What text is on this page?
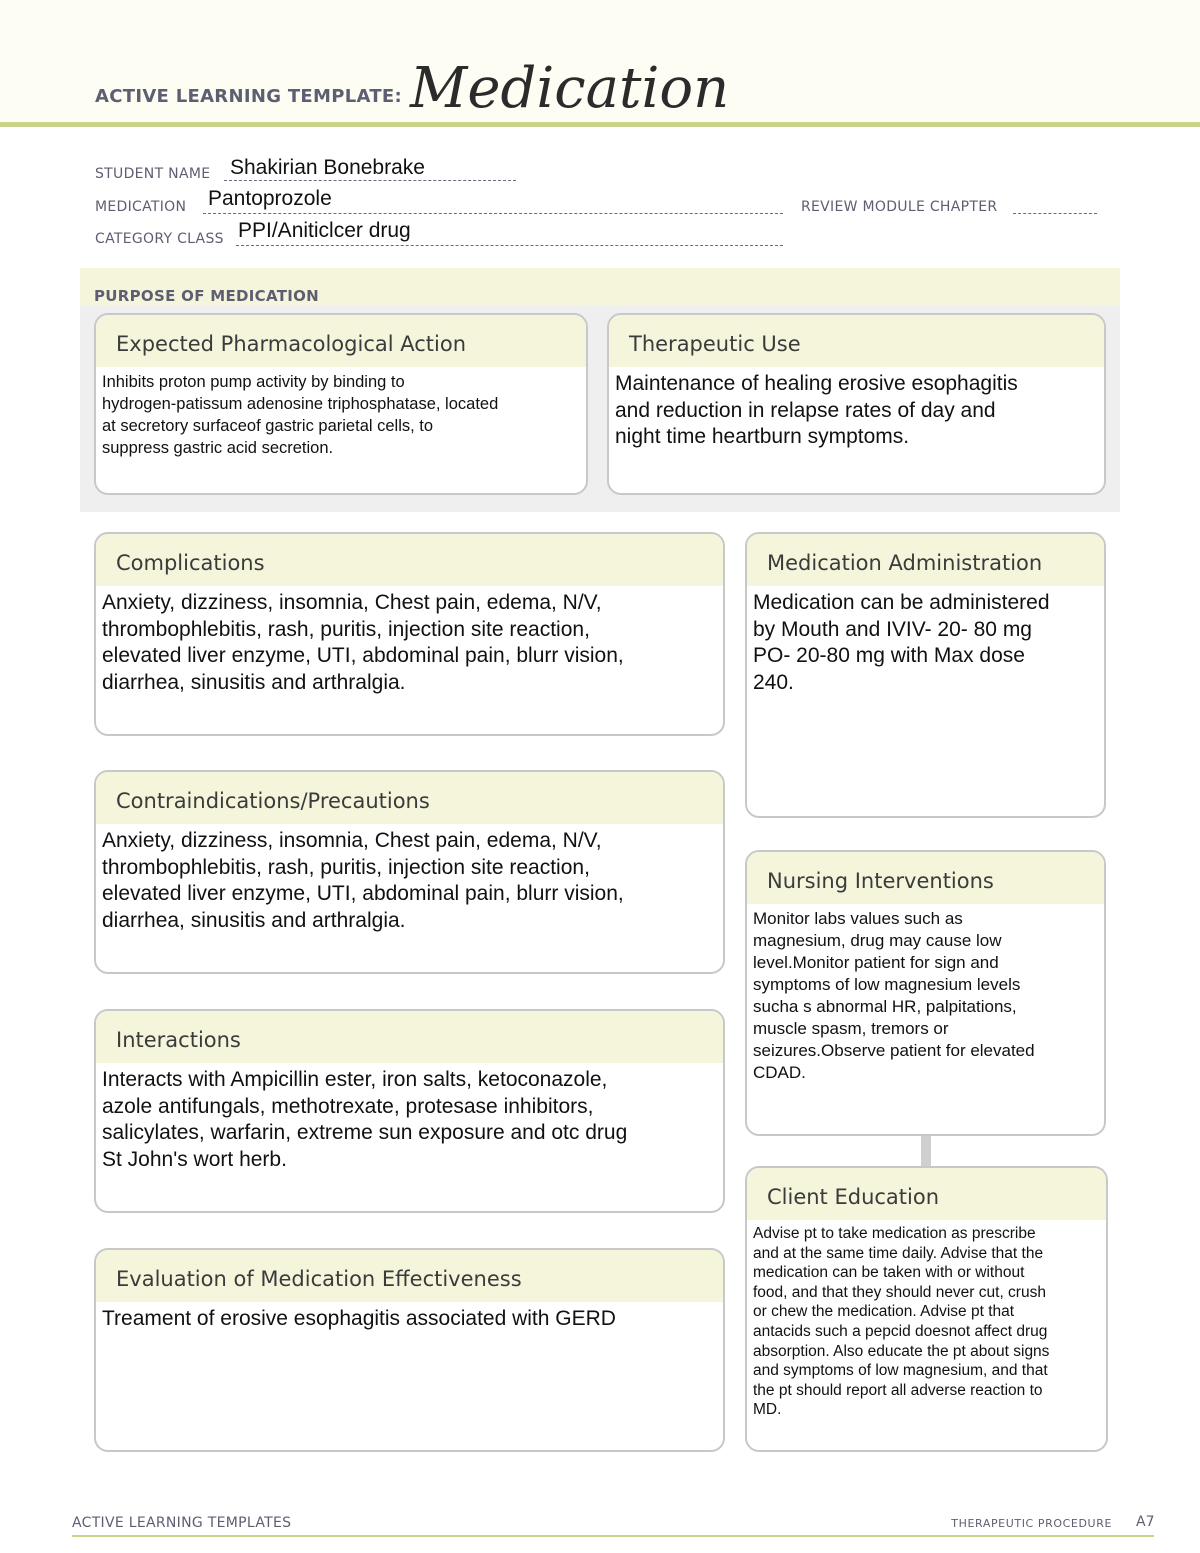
ACTIVE LEARNING TEMPLATE: Medication
STUDENT NAME Shakirian Bonebrake
MEDICATION Pantoprozole	REVIEW MODULE CHAPTER
CATEGORY CLASS PPI/Aniticlcer drug
PURPOSE OF MEDICATION
Expected Pharmacological Action
Inhibits proton pump activity by binding to
hydrogen-patissum adenosine triphosphatase, located
at secretory surfaceof gastric parietal cells, to
suppress gastric acid secretion.
Therapeutic Use
Maintenance of healing erosive esophagitis
and reduction in relapse rates of day and
night time heartburn symptoms.
Complications
Anxiety, dizziness, insomnia, Chest pain, edema, N/V,
thrombophlebitis, rash, puritis, injection site reaction,
elevated liver enzyme, UTI, abdominal pain, blurr vision,
diarrhea, sinusitis and arthralgia.
Contraindications/Precautions
Anxiety, dizziness, insomnia, Chest pain, edema, N/V,
thrombophlebitis, rash, puritis, injection site reaction,
elevated liver enzyme, UTI, abdominal pain, blurr vision,
diarrhea, sinusitis and arthralgia.
Interactions
Interacts with Ampicillin ester, iron salts, ketoconazole,
azole antifungals, methotrexate, protesase inhibitors,
salicylates, warfarin, extreme sun exposure and otc drug
St John's wort herb.
Evaluation of Medication Effectiveness
Treament of erosive esophagitis associated with GERD
Medication Administration
Medication can be administered
by Mouth and IVIV- 20- 80 mg
PO- 20-80 mg with Max dose
240.
Nursing Interventions
Monitor labs values such as
magnesium, drug may cause low
level.Monitor patient for sign and
symptoms of low magnesium levels
sucha s abnormal HR, palpitations,
muscle spasm, tremors or
seizures.Observe patient for elevated
CDAD.
Client Education
Advise pt to take medication as prescribe
and at the same time daily. Advise that the
medication can be taken with or without
food, and that they should never cut, crush
or chew the medication. Advise pt that
antacids such a pepcid doesnot affect drug
absorption. Also educate the pt about signs
and symptoms of low magnesium, and that
the pt should report all adverse reaction to
MD.
ACTIVE LEARNING TEMPLATES	THERAPEUTIC PROCEDURE A7
